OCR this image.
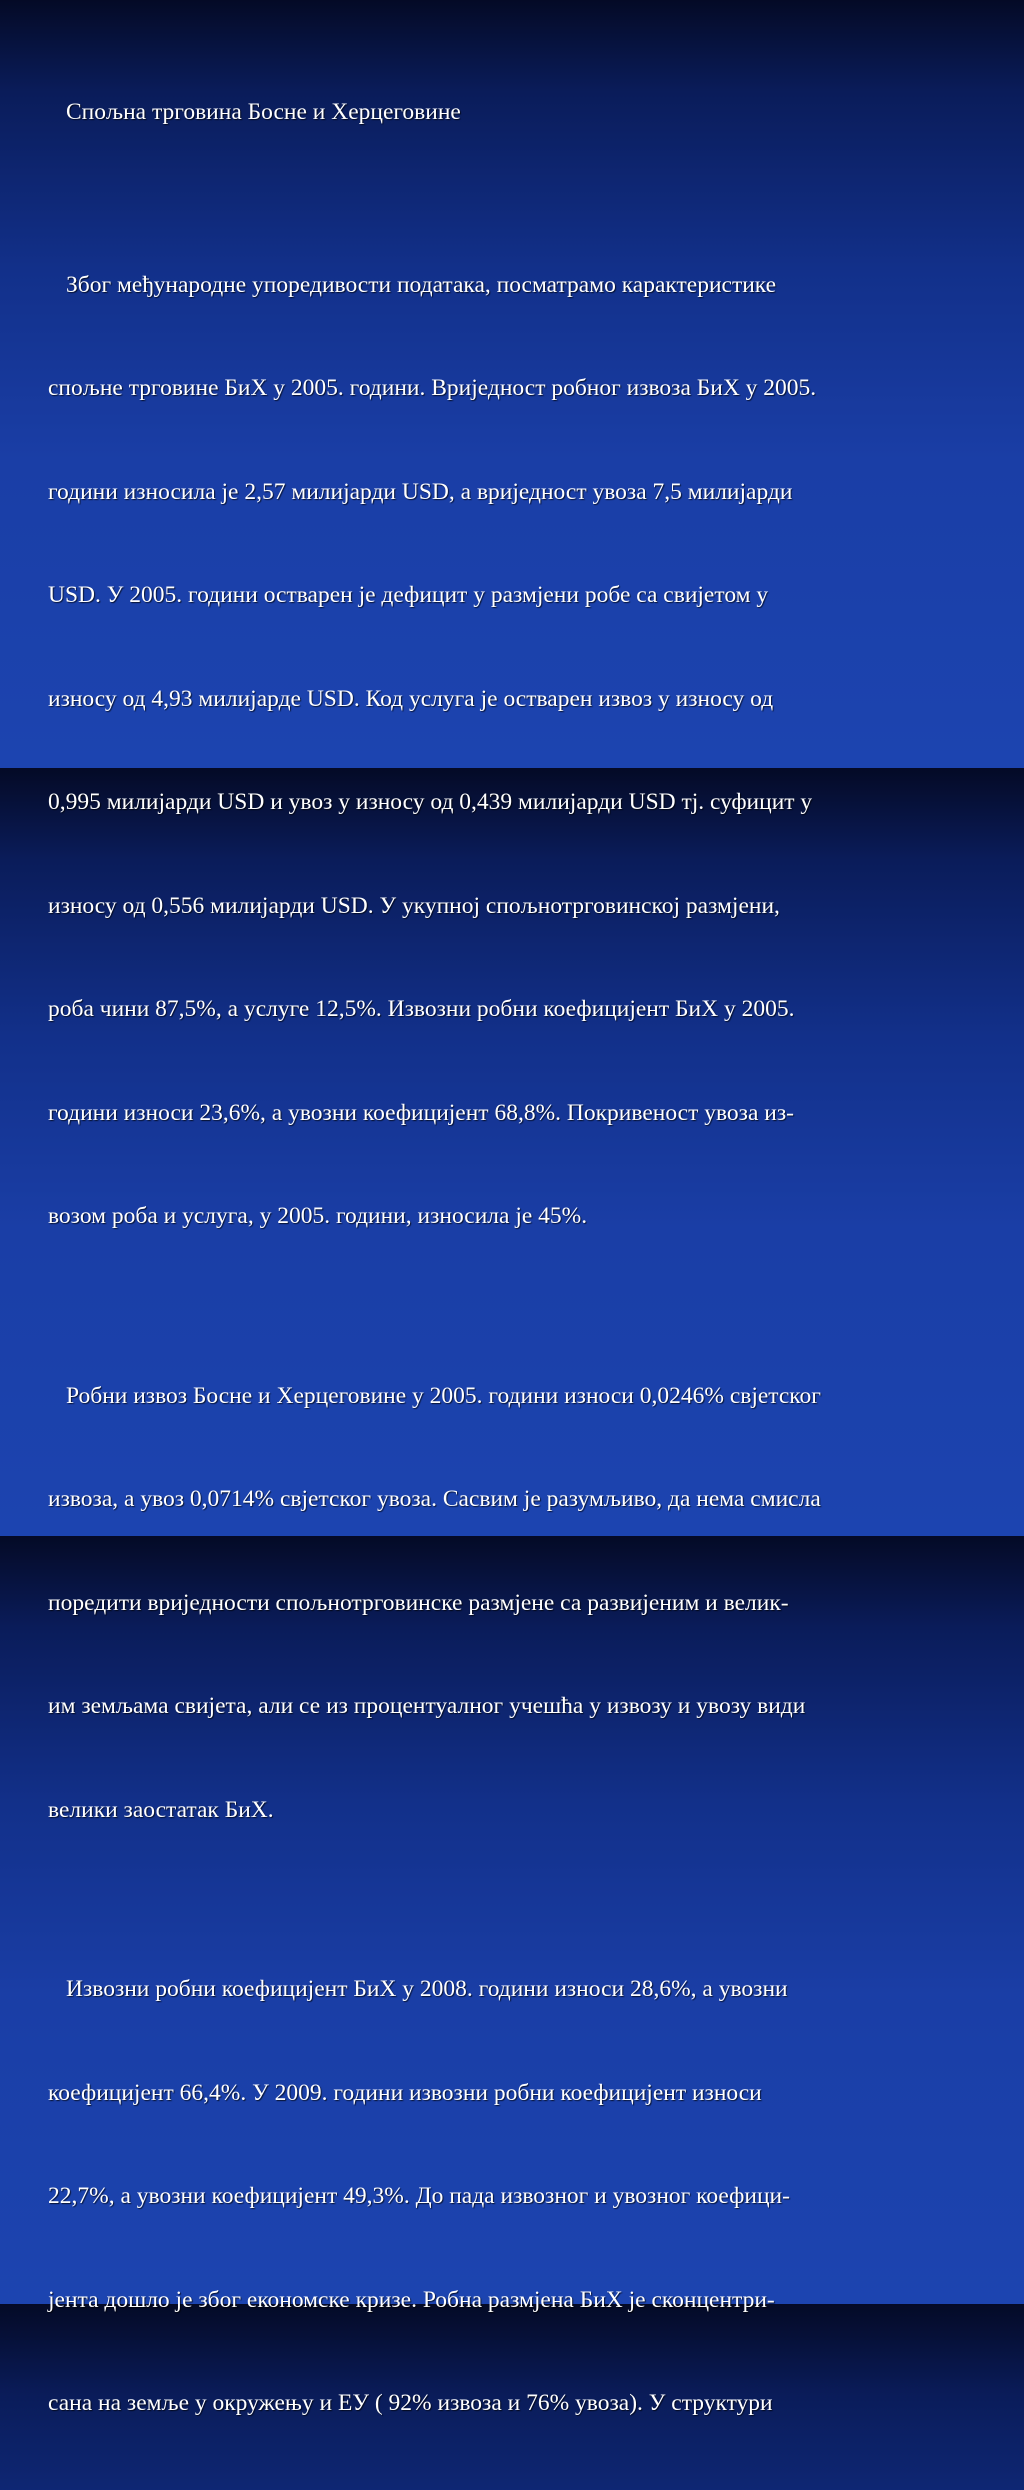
Спољна трговина Босне и Херцеговине

Због међународне упоредивости података, посматрамо карактеристике

спољне трговине БиХ у 2005. години. Вриједност робног извоза БиХ у 2005.

години износила је 2,57 милијарди USD, а вриједност увоза 7,5 милијарди

USD. У 2005. години остварен је дефицит у размјени робе са свијетом у

износу од 4,93 милијарде USD. Код услуга је остварен извоз у износу од

0,995 милијарди USD и увоз у износу од 0,439 милијарди USD тј. суфицит у

износу од 0,556 милијарди USD. У укупној спољнотрговинској размјени,

роба чини 87,5%, а услуге 12,5%. Извозни робни коефицијент БиХ у 2005.

години износи 23,6%, а увозни коефицијент 68,8%. Покривеност увоза из-

возом роба и услуга, у 2005. години, износила је 45%.

Робни извоз Босне и Херцеговине у 2005. години износи 0,0246% свјетског

извоза, а увоз 0,0714% свјетског увоза. Сасвим је разумљиво, да нема смисла

поредити вриједности спољнотрговинске размјене са развијеним и велик-

им земљама свијета, али се из процентуалног учешћа у извозу и увозу види

велики заостатак БиХ.

Извозни робни коефицијент БиХ у 2008. години износи 28,6%, а увозни

коефицијент 66,4%. У 2009. години извозни робни коефицијент износи

22,7%, а увозни коефицијент 49,3%. До пада извозног и увозног коефици-

јента дошло је због економске кризе. Робна размјена БиХ је сконцентри-

сана на земље у окружењу и ЕУ ( 92% извоза и 76% увоза). У структури
